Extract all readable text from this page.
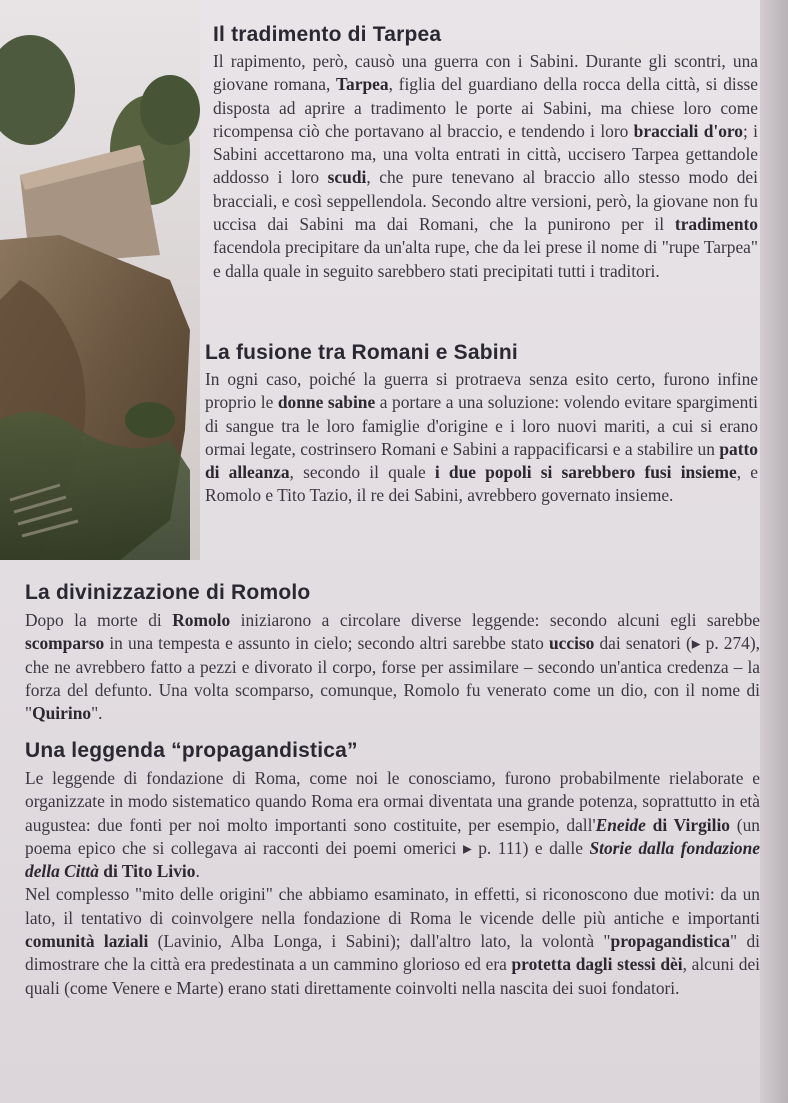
Il tradimento di Tarpea

Il rapimento, però, causò una guerra con i Sabini. Durante gli scontri, una giovane romana, Tarpea, figlia del guardiano della rocca della città, si disse disposta ad aprire a tradimento le porte ai Sabini, ma chiese loro come ricompensa ciò che portavano al braccio, e tendendo i loro bracciali d'oro; i Sabini accettarono ma, una volta entrati in città, uccisero Tarpea gettandole addosso i loro scudi, che pure tenevano al braccio allo stesso modo dei bracciali, e così seppellendola. Secondo altre versioni, però, la giovane non fu uccisa dai Sabini ma dai Romani, che la punirono per il tradimento facendola precipitare da un'alta rupe, che da lei prese il nome di "rupe Tarpea" e dalla quale in seguito sarebbero stati precipitati tutti i traditori.

La fusione tra Romani e Sabini

In ogni caso, poiché la guerra si protraeva senza esito certo, furono infine proprio le donne sabine a portare a una soluzione: volendo evitare spargimenti di sangue tra le loro famiglie d'origine e i loro nuovi mariti, a cui si erano ormai legate, costrinsero Romani e Sabini a rappacificarsi e a stabilire un patto di alleanza, secondo il quale i due popoli si sarebbero fusi insieme, e Romolo e Tito Tazio, il re dei Sabini, avrebbero governato insieme.

La divinizzazione di Romolo

Dopo la morte di Romolo iniziarono a circolare diverse leggende: secondo alcuni egli sarebbe scomparso in una tempesta e assunto in cielo; secondo altri sarebbe stato ucciso dai senatori (▸ p. 274), che ne avrebbero fatto a pezzi e divorato il corpo, forse per assimilare – secondo un'antica credenza – la forza del defunto. Una volta scomparso, comunque, Romolo fu venerato come un dio, con il nome di "Quirino".

Una leggenda “propagandistica”

Le leggende di fondazione di Roma, come noi le conosciamo, furono probabilmente rielaborate e organizzate in modo sistematico quando Roma era ormai diventata una grande potenza, soprattutto in età augustea: due fonti per noi molto importanti sono costituite, per esempio, dall'Eneide di Virgilio (un poema epico che si collegava ai racconti dei poemi omerici ▸ p. 111) e dalle Storie dalla fondazione della Città di Tito Livio.

Nel complesso "mito delle origini" che abbiamo esaminato, in effetti, si riconoscono due motivi: da un lato, il tentativo di coinvolgere nella fondazione di Roma le vicende delle più antiche e importanti comunità laziali (Lavinio, Alba Longa, i Sabini); dall'altro lato, la volontà "propagandistica" di dimostrare che la città era predestinata a un cammino glorioso ed era protetta dagli stessi dèi, alcuni dei quali (come Venere e Marte) erano stati direttamente coinvolti nella nascita dei suoi fondatori.
